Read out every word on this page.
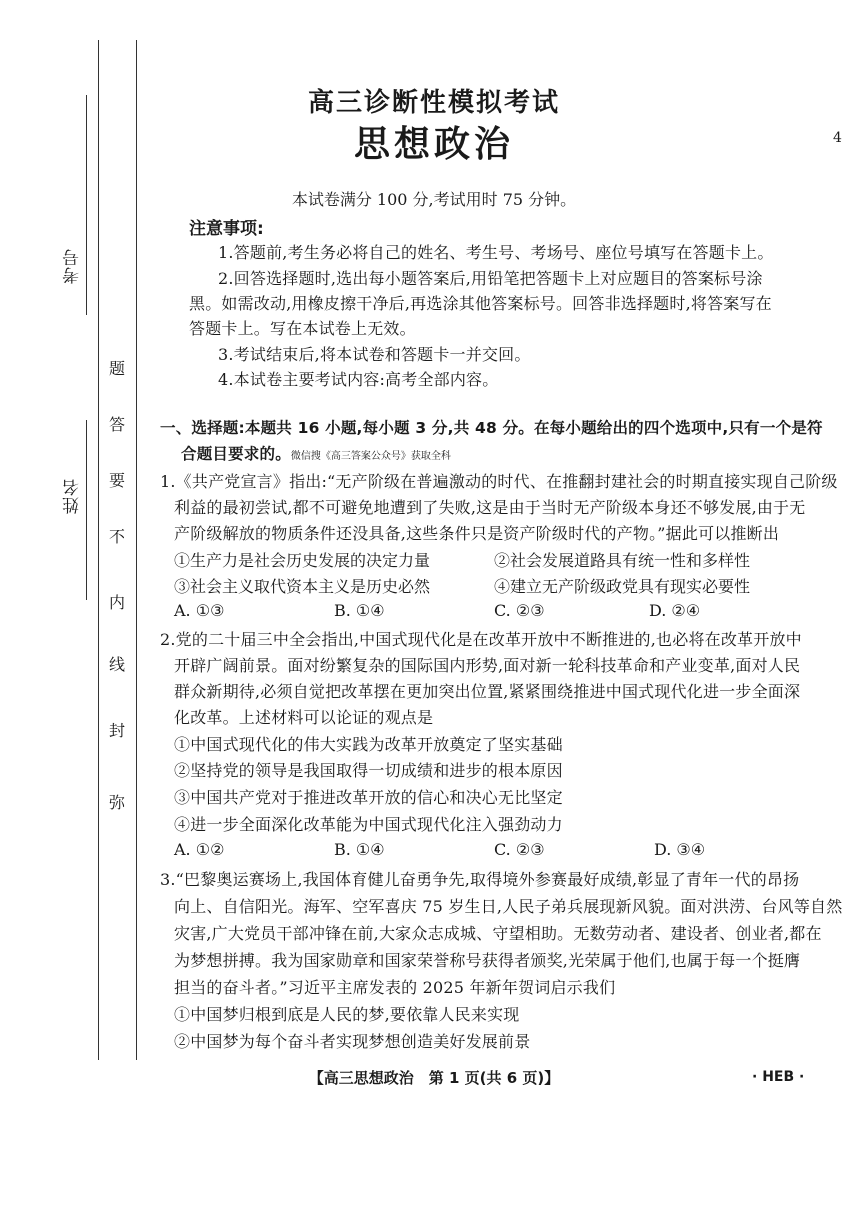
考号
姓名
题
答
要
不
内
线
封
弥
4
高三诊断性模拟考试
思想政治
本试卷满分 100 分,考试用时 75 分钟。
注意事项:
1.答题前,考生务必将自己的姓名、考生号、考场号、座位号填写在答题卡上。
2.回答选择题时,选出每小题答案后,用铅笔把答题卡上对应题目的答案标号涂
黑。如需改动,用橡皮擦干净后,再选涂其他答案标号。回答非选择题时,将答案写在
答题卡上。写在本试卷上无效。
3.考试结束后,将本试卷和答题卡一并交回。
4.本试卷主要考试内容:高考全部内容。
一、选择题:本题共 16 小题,每小题 3 分,共 48 分。在每小题给出的四个选项中,只有一个是符
合题目要求的。微信搜《高三答案公众号》获取全科
1.《共产党宣言》指出:“无产阶级在普遍激动的时代、在推翻封建社会的时期直接实现自己阶级
利益的最初尝试,都不可避免地遭到了失败,这是由于当时无产阶级本身还不够发展,由于无
产阶级解放的物质条件还没具备,这些条件只是资产阶级时代的产物。”据此可以推断出
①生产力是社会历史发展的决定力量	②社会发展道路具有统一性和多样性
③社会主义取代资本主义是历史必然	④建立无产阶级政党具有现实必要性
A. ①③	B. ①④	C. ②③	D. ②④
2.党的二十届三中全会指出,中国式现代化是在改革开放中不断推进的,也必将在改革开放中
开辟广阔前景。面对纷繁复杂的国际国内形势,面对新一轮科技革命和产业变革,面对人民
群众新期待,必须自觉把改革摆在更加突出位置,紧紧围绕推进中国式现代化进一步全面深
化改革。上述材料可以论证的观点是
①中国式现代化的伟大实践为改革开放奠定了坚实基础
②坚持党的领导是我国取得一切成绩和进步的根本原因
③中国共产党对于推进改革开放的信心和决心无比坚定
④进一步全面深化改革能为中国式现代化注入强劲动力
A. ①②	B. ①④	C. ②③	D. ③④
3.“巴黎奥运赛场上,我国体育健儿奋勇争先,取得境外参赛最好成绩,彰显了青年一代的昂扬
向上、自信阳光。海军、空军喜庆 75 岁生日,人民子弟兵展现新风貌。面对洪涝、台风等自然
灾害,广大党员干部冲锋在前,大家众志成城、守望相助。无数劳动者、建设者、创业者,都在
为梦想拼搏。我为国家勋章和国家荣誉称号获得者颁奖,光荣属于他们,也属于每一个挺膺
担当的奋斗者。”习近平主席发表的 2025 年新年贺词启示我们
①中国梦归根到底是人民的梦,要依靠人民来实现
②中国梦为每个奋斗者实现梦想创造美好发展前景
【高三思想政治　第 1 页(共 6 页)】	· HEB ·
